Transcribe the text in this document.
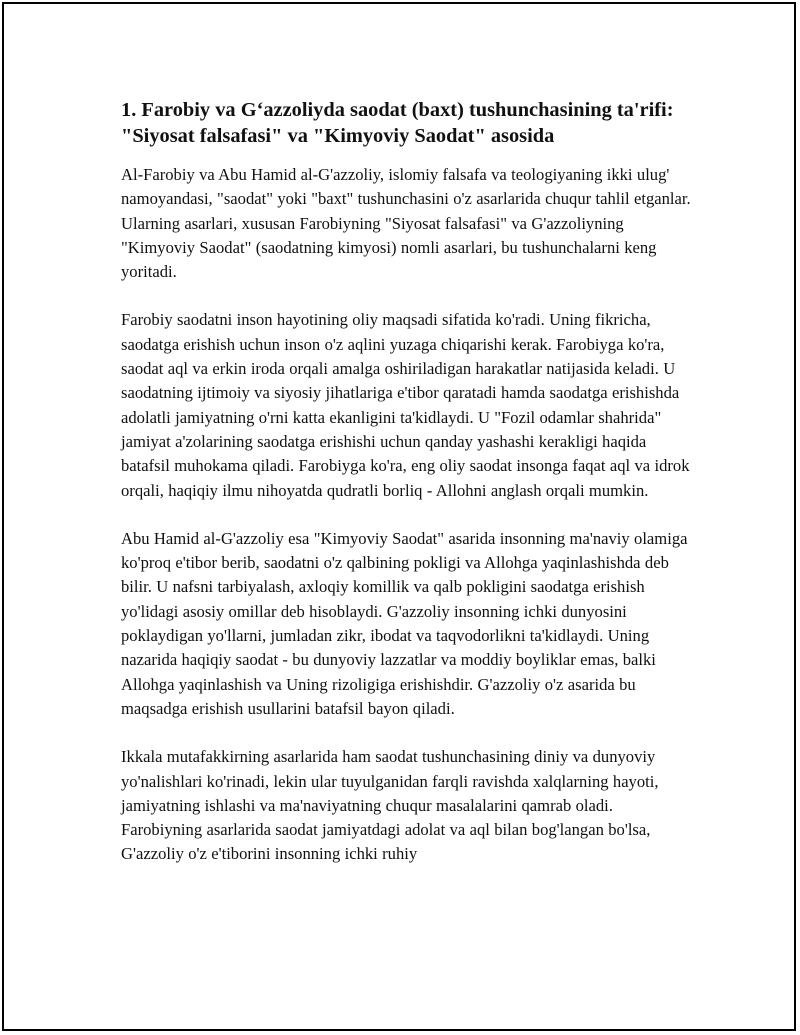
1. Farobiy va G‘azzoliyda saodat (baxt) tushunchasining ta'rifi: "Siyosat falsafasi" va "Kimyoviy Saodat" asosida

Al-Farobiy va Abu Hamid al-G'azzoliy, islomiy falsafa va teologiyaning ikki ulug' namoyandasi, "saodat" yoki "baxt" tushunchasini o'z asarlarida chuqur tahlil etganlar. Ularning asarlari, xususan Farobiyning "Siyosat falsafasi" va G'azzoliyning "Kimyoviy Saodat" (saodatning kimyosi) nomli asarlari, bu tushunchalarni keng yoritadi.

Farobiy saodatni inson hayotining oliy maqsadi sifatida ko'radi. Uning fikricha, saodatga erishish uchun inson o'z aqlini yuzaga chiqarishi kerak. Farobiyga ko'ra, saodat aql va erkin iroda orqali amalga oshiriladigan harakatlar natijasida keladi. U saodatning ijtimoiy va siyosiy jihatlariga e'tibor qaratadi hamda saodatga erishishda adolatli jamiyatning o'rni katta ekanligini ta'kidlaydi. U "Fozil odamlar shahrida" jamiyat a'zolarining saodatga erishishi uchun qanday yashashi kerakligi haqida batafsil muhokama qiladi. Farobiyga ko'ra, eng oliy saodat insonga faqat aql va idrok orqali, haqiqiy ilmu nihoyatda qudratli borliq - Allohni anglash orqali mumkin.

Abu Hamid al-G'azzoliy esa "Kimyoviy Saodat" asarida insonning ma'naviy olamiga ko'proq e'tibor berib, saodatni o'z qalbining pokligi va Allohga yaqinlashishda deb bilir. U nafsni tarbiyalash, axloqiy komillik va qalb pokligini saodatga erishish yo'lidagi asosiy omillar deb hisoblaydi. G'azzoliy insonning ichki dunyosini poklaydigan yo'llarni, jumladan zikr, ibodat va taqvodorlikni ta'kidlaydi. Uning nazarida haqiqiy saodat - bu dunyoviy lazzatlar va moddiy boyliklar emas, balki Allohga yaqinlashish va Uning rizoligiga erishishdir. G'azzoliy o'z asarida bu maqsadga erishish usullarini batafsil bayon qiladi.

Ikkala mutafakkirning asarlarida ham saodat tushunchasining diniy va dunyoviy yo'nalishlari ko'rinadi, lekin ular tuyulganidan farqli ravishda xalqlarning hayoti, jamiyatning ishlashi va ma'naviyatning chuqur masalalarini qamrab oladi. Farobiyning asarlarida saodat jamiyatdagi adolat va aql bilan bog'langan bo'lsa, G'azzoliy o'z e'tiborini insonning ichki ruhiy
